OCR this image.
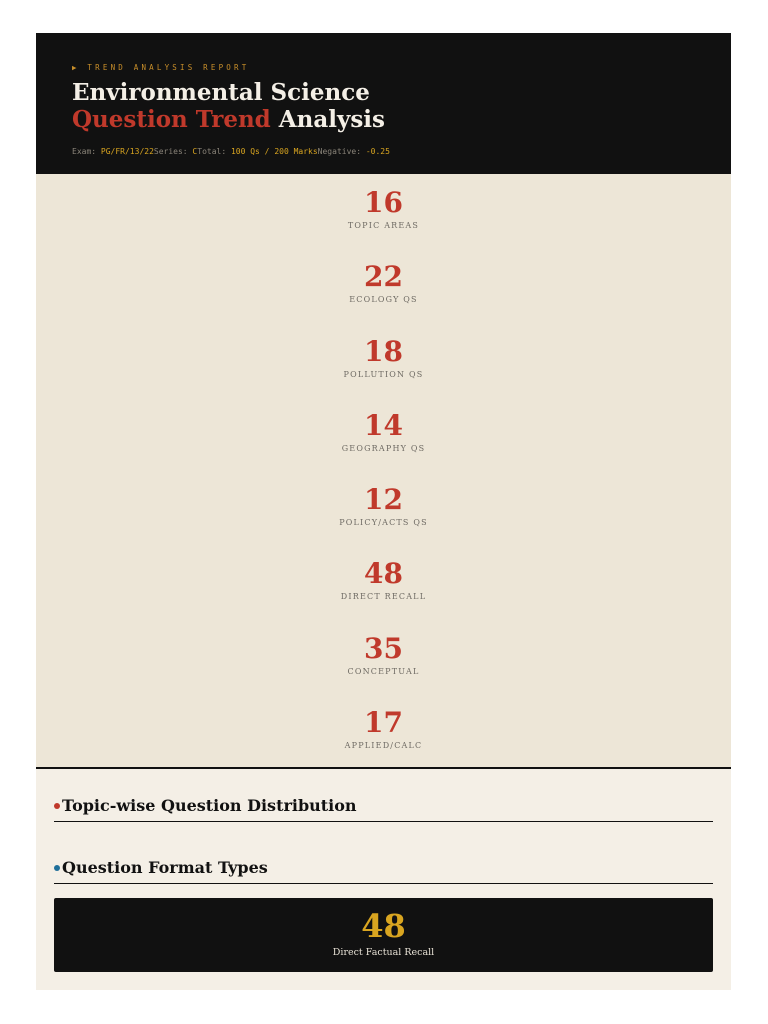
▶ TREND ANALYSIS REPORT

Environmental Science
Question Trend Analysis
Exam: PG/FR/13/22Series: CTotal: 100 Qs / 200 MarksNegative: -0.25
16
TOPIC AREAS
22
ECOLOGY QS
18
POLLUTION QS
14
GEOGRAPHY QS
12
POLICY/ACTS QS
48
DIRECT RECALL
35
CONCEPTUAL
17
APPLIED/CALC
Topic-wise Question Distribution
Question Format Types
48
Direct Factual Recall
